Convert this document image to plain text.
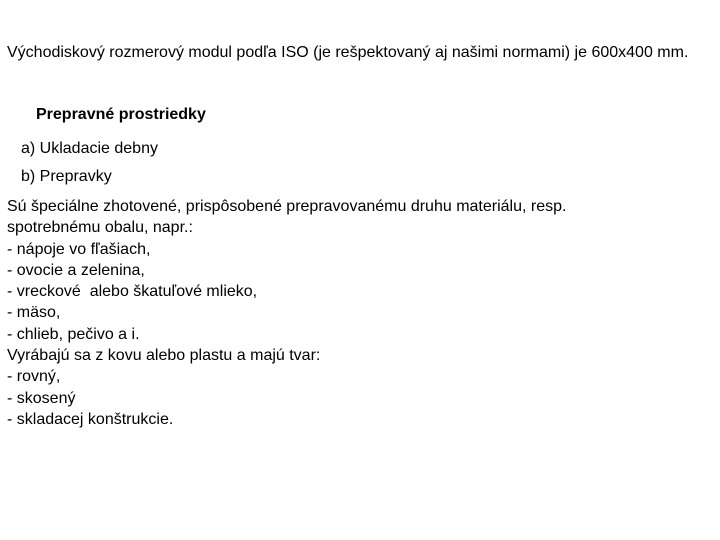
Východiskový rozmerový modul podľa ISO (je rešpektovaný aj našimi normami) je 600x400 mm.

Prepravné prostriedky

a) Ukladacie debny

b) Prepravky

Sú špeciálne zhotovené, prispôsobené prepravovanému druhu materiálu, resp.
spotrebnému obalu, napr.:
- nápoje vo fľašiach,
- ovocie a zelenina,
- vreckové  alebo škatuľové mlieko,
- mäso,
- chlieb, pečivo a i.
Vyrábajú sa z kovu alebo plastu a majú tvar:
- rovný,
- skosený
- skladacej konštrukcie.
